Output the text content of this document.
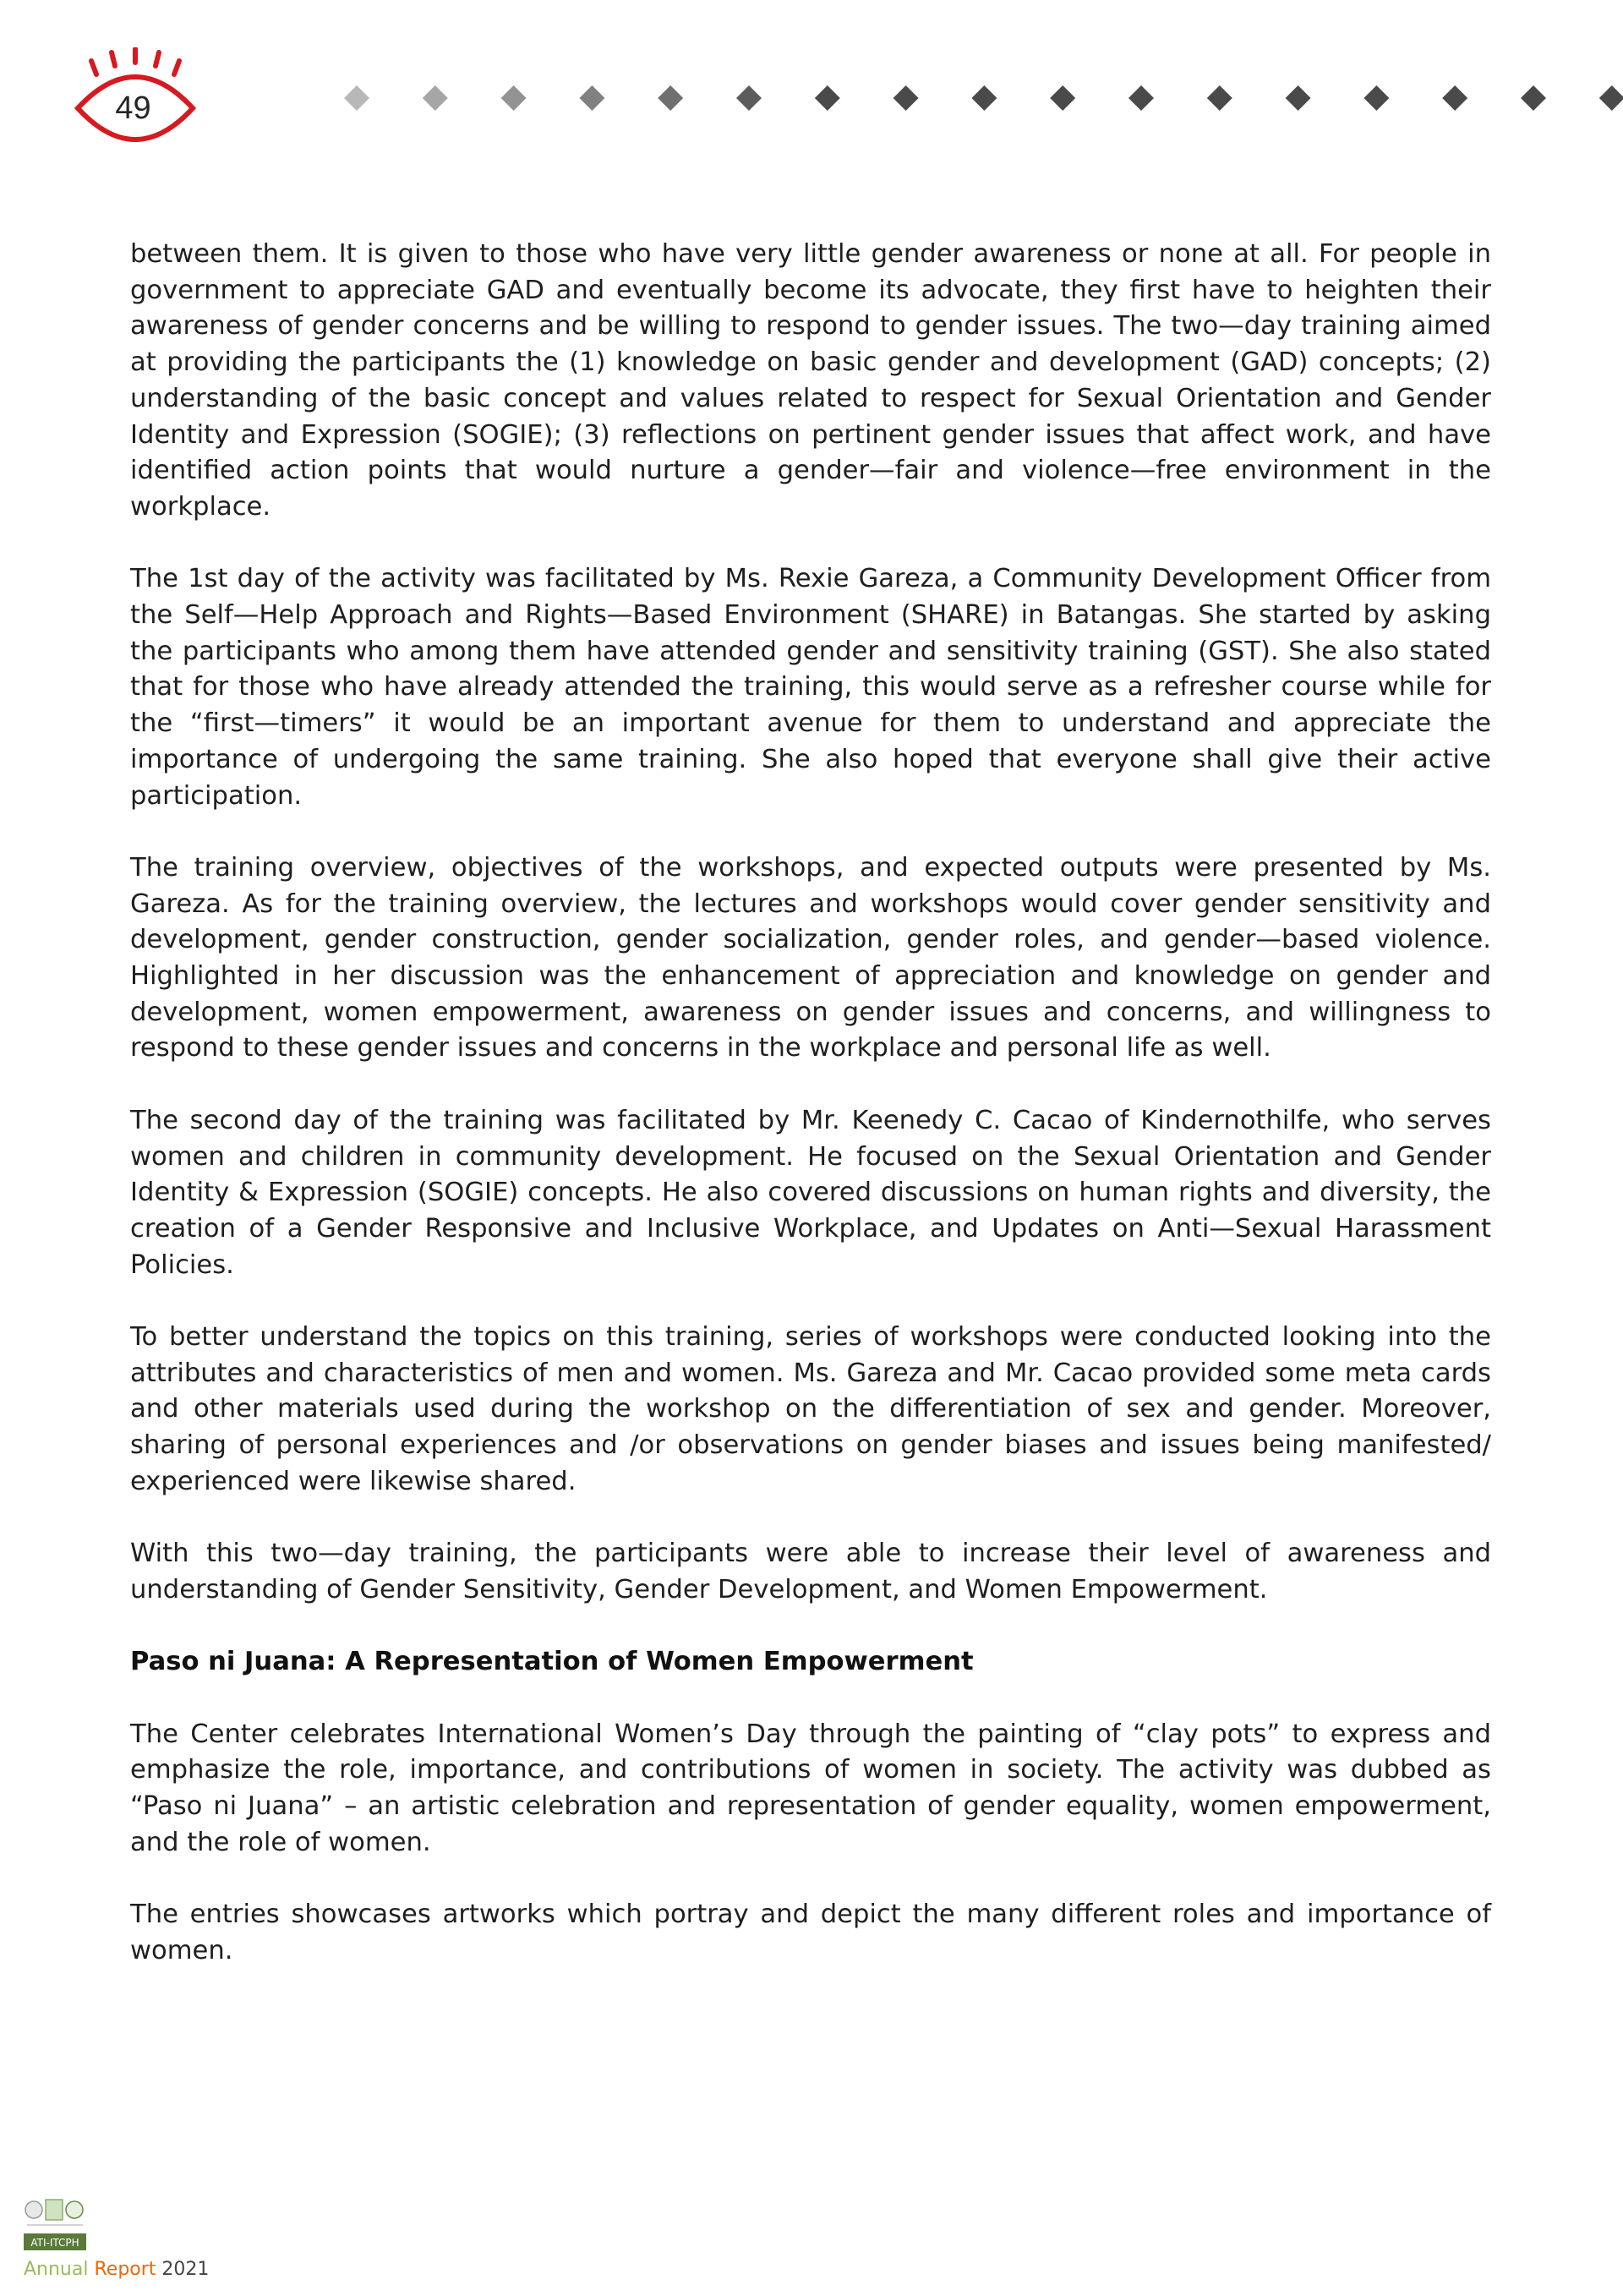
49

between them. It is given to those who have very little gender awareness or none at all. For people in government to appreciate GAD and eventually become its advocate, they first have to heighten their awareness of gender concerns and be willing to respond to gender issues. The two—day training aimed at providing the participants the (1) knowledge on basic gender and development (GAD) concepts; (2) understanding of the basic concept and values related to respect for Sexual Orientation and Gender Identity and Expression (SOGIE); (3) reflections on pertinent gender issues that affect work, and have identified action points that would nurture a gender—fair and violence—free environment in the workplace.

The 1st day of the activity was facilitated by Ms. Rexie Gareza, a Community Development Officer from the Self—Help Approach and Rights—Based Environment (SHARE) in Batangas. She started by asking the participants who among them have attended gender and sensitivity training (GST). She also stated that for those who have already attended the training, this would serve as a refresher course while for the “first—timers” it would be an important avenue for them to understand and appreciate the importance of undergoing the same training. She also hoped that everyone shall give their active participation.

The training overview, objectives of the workshops, and expected outputs were presented by Ms. Gareza. As for the training overview, the lectures and workshops would cover gender sensitivity and development, gender construction, gender socialization, gender roles, and gender—based violence. Highlighted in her discussion was the enhancement of appreciation and knowledge on gender and development, women empowerment, awareness on gender issues and concerns, and willingness to respond to these gender issues and concerns in the workplace and personal life as well.

The second day of the training was facilitated by Mr. Keenedy C. Cacao of Kindernothilfe, who serves women and children in community development. He focused on the Sexual Orientation and Gender Identity & Expression (SOGIE) concepts. He also covered discussions on human rights and diversity, the creation of a Gender Responsive and Inclusive Workplace, and Updates on Anti—Sexual Harassment Policies.

To better understand the topics on this training, series of workshops were conducted looking into the attributes and characteristics of men and women. Ms. Gareza and Mr. Cacao provided some meta cards and other materials used during the workshop on the differentiation of sex and gender. Moreover, sharing of personal experiences and /or observations on gender biases and issues being manifested/ experienced were likewise shared.

With this two—day training, the participants were able to increase their level of awareness and understanding of Gender Sensitivity, Gender Development, and Women Empowerment.

Paso ni Juana: A Representation of Women Empowerment

The Center celebrates International Women’s Day through the painting of “clay pots” to express and emphasize the role, importance, and contributions of women in society. The activity was dubbed as “Paso ni Juana” – an artistic celebration and representation of gender equality, women empowerment, and the role of women.

The entries showcases artworks which portray and depict the many different roles and importance of women.

ATI-ITCPH
Annual Report 2021
